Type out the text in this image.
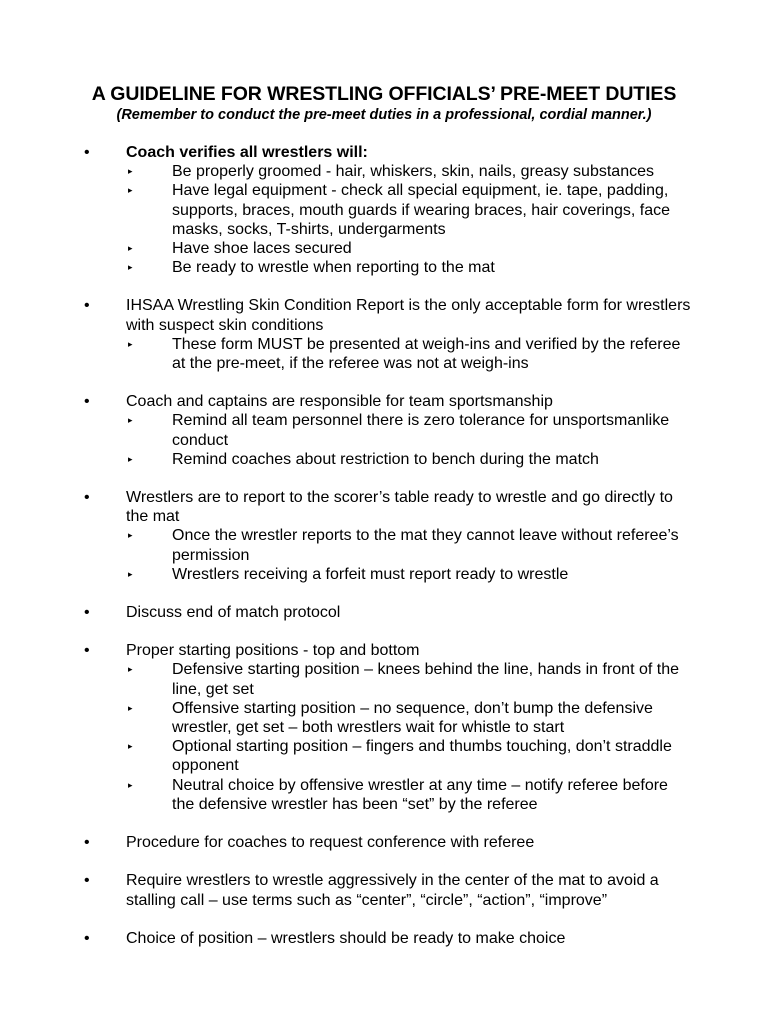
A GUIDELINE FOR WRESTLING OFFICIALS’ PRE-MEET DUTIES
(Remember to conduct the pre-meet duties in a professional, cordial manner.)
• Coach verifies all wrestlers will:
▸ Be properly groomed - hair, whiskers, skin, nails, greasy substances
▸ Have legal equipment - check all special equipment, ie. tape, padding, supports, braces, mouth guards if wearing braces, hair coverings, face masks, socks, T-shirts, undergarments
▸ Have shoe laces secured
▸ Be ready to wrestle when reporting to the mat
• IHSAA Wrestling Skin Condition Report is the only acceptable form for wrestlers with suspect skin conditions
▸ These form MUST be presented at weigh-ins and verified by the referee at the pre-meet, if the referee was not at weigh-ins
• Coach and captains are responsible for team sportsmanship
▸ Remind all team personnel there is zero tolerance for unsportsmanlike conduct
▸ Remind coaches about restriction to bench during the match
• Wrestlers are to report to the scorer’s table ready to wrestle and go directly to the mat
▸ Once the wrestler reports to the mat they cannot leave without referee’s permission
▸ Wrestlers receiving a forfeit must report ready to wrestle
• Discuss end of match protocol
• Proper starting positions - top and bottom
▸ Defensive starting position – knees behind the line, hands in front of the line, get set
▸ Offensive starting position – no sequence, don’t bump the defensive wrestler, get set – both wrestlers wait for whistle to start
▸ Optional starting position – fingers and thumbs touching, don’t straddle opponent
▸ Neutral choice by offensive wrestler at any time – notify referee before the defensive wrestler has been “set” by the referee
• Procedure for coaches to request conference with referee
• Require wrestlers to wrestle aggressively in the center of the mat to avoid a stalling call – use terms such as “center”, “circle”, “action”, “improve”
• Choice of position – wrestlers should be ready to make choice
